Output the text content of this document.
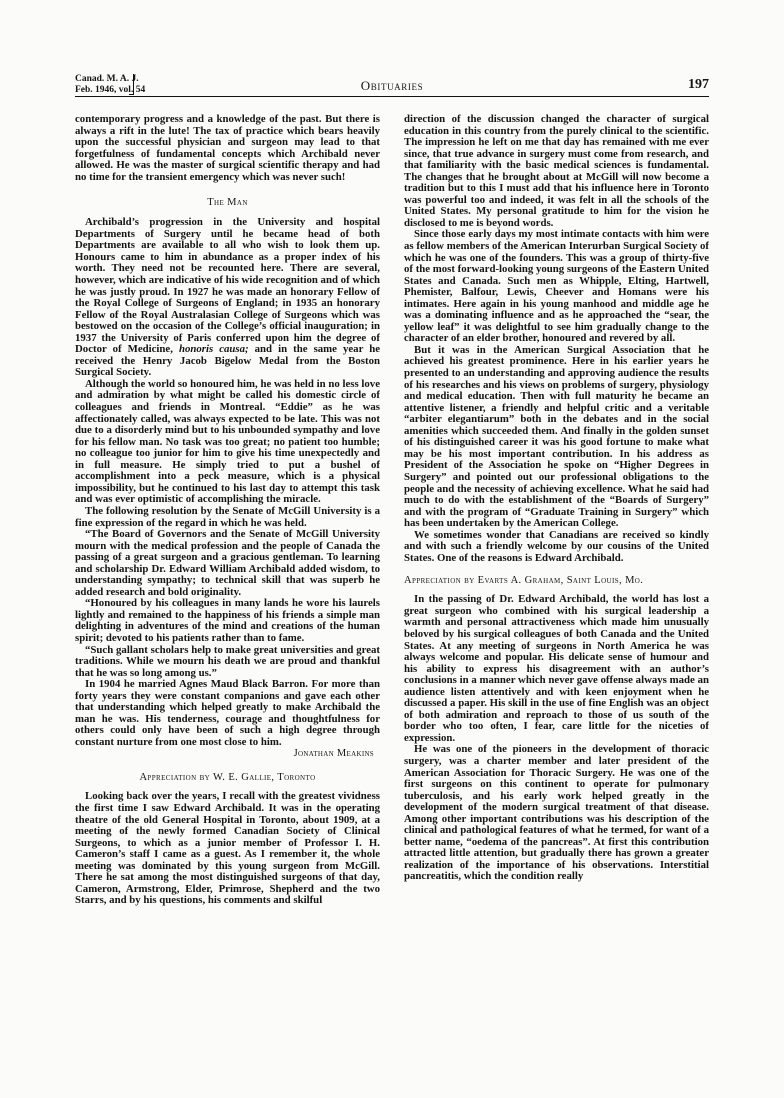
Canad. M. A. J.
Feb. 1946, vol. 54	Obituaries	197

contemporary progress and a knowledge of the past. But there is always a rift in the lute! The tax of practice which bears heavily upon the successful physician and surgeon may lead to that forgetfulness of fundamental concepts which Archibald never allowed. He was the master of surgical scientific therapy and had no time for the transient emergency which was never such!

The Man

Archibald’s progression in the University and hospital Departments of Surgery until he became head of both Departments are available to all who wish to look them up. Honours came to him in abundance as a proper index of his worth. They need not be recounted here. There are several, however, which are indicative of his wide recognition and of which he was justly proud. In 1927 he was made an honorary Fellow of the Royal College of Surgeons of England; in 1935 an honorary Fellow of the Royal Australasian College of Surgeons which was bestowed on the occasion of the College’s official inauguration; in 1937 the University of Paris conferred upon him the degree of Doctor of Medicine, honoris causa; and in the same year he received the Henry Jacob Bigelow Medal from the Boston Surgical Society.

Although the world so honoured him, he was held in no less love and admiration by what might be called his domestic circle of colleagues and friends in Montreal. “Eddie” as he was affectionately called, was always expected to be late. This was not due to a disorderly mind but to his unbounded sympathy and love for his fellow man. No task was too great; no patient too humble; no colleague too junior for him to give his time unexpectedly and in full measure. He simply tried to put a bushel of accomplishment into a peck measure, which is a physical impossibility, but he continued to his last day to attempt this task and was ever optimistic of accomplishing the miracle.

The following resolution by the Senate of McGill University is a fine expression of the regard in which he was held.

“The Board of Governors and the Senate of McGill University mourn with the medical profession and the people of Canada the passing of a great surgeon and a gracious gentleman. To learning and scholarship Dr. Edward William Archibald added wisdom, to understanding sympathy; to technical skill that was superb he added research and bold originality.

“Honoured by his colleagues in many lands he wore his laurels lightly and remained to the happiness of his friends a simple man delighting in adventures of the mind and creations of the human spirit; devoted to his patients rather than to fame.

“Such gallant scholars help to make great universities and great traditions. While we mourn his death we are proud and thankful that he was so long among us.”

In 1904 he married Agnes Maud Black Barron. For more than forty years they were constant companions and gave each other that understanding which helped greatly to make Archibald the man he was. His tenderness, courage and thoughtfulness for others could only have been of such a high degree through constant nurture from one most close to him.

Jonathan Meakins
Appreciation by W. E. Gallie, Toronto

Looking back over the years, I recall with the greatest vividness the first time I saw Edward Archibald. It was in the operating theatre of the old General Hospital in Toronto, about 1909, at a meeting of the newly formed Canadian Society of Clinical Surgeons, to which as a junior member of Professor I. H. Cameron’s staff I came as a guest. As I remember it, the whole meeting was dominated by this young surgeon from McGill. There he sat among the most distinguished surgeons of that day, Cameron, Armstrong, Elder, Primrose, Shepherd and the two Starrs, and by his questions, his comments and skilful

direction of the discussion changed the character of surgical education in this country from the purely clinical to the scientific. The impression he left on me that day has remained with me ever since, that true advance in surgery must come from research, and that familiarity with the basic medical sciences is fundamental. The changes that he brought about at McGill will now become a tradition but to this I must add that his influence here in Toronto was powerful too and indeed, it was felt in all the schools of the United States. My personal gratitude to him for the vision he disclosed to me is beyond words.

Since those early days my most intimate contacts with him were as fellow members of the American Interurban Surgical Society of which he was one of the founders. This was a group of thirty-five of the most forward-looking young surgeons of the Eastern United States and Canada. Such men as Whipple, Elting, Hartwell, Phemister, Balfour, Lewis, Cheever and Homans were his intimates. Here again in his young manhood and middle age he was a dominating influence and as he approached the “sear, the yellow leaf” it was delightful to see him gradually change to the character of an elder brother, honoured and revered by all.

But it was in the American Surgical Association that he achieved his greatest prominence. Here in his earlier years he presented to an understanding and approving audience the results of his researches and his views on problems of surgery, physiology and medical education. Then with full maturity he became an attentive listener, a friendly and helpful critic and a veritable “arbiter elegantiarum” both in the debates and in the social amenities which succeeded them. And finally in the golden sunset of his distinguished career it was his good fortune to make what may be his most important contribution. In his address as President of the Association he spoke on “Higher Degrees in Surgery” and pointed out our professional obligations to the people and the necessity of achieving excellence. What he said had much to do with the establishment of the “Boards of Surgery” and with the program of “Graduate Training in Surgery” which has been undertaken by the American College.

We sometimes wonder that Canadians are received so kindly and with such a friendly welcome by our cousins of the United States. One of the reasons is Edward Archibald.

Appreciation by Evarts A. Graham, Saint Louis, Mo.

In the passing of Dr. Edward Archibald, the world has lost a great surgeon who combined with his surgical leadership a warmth and personal attractiveness which made him unusually beloved by his surgical colleagues of both Canada and the United States. At any meeting of surgeons in North America he was always welcome and popular. His delicate sense of humour and his ability to express his disagreement with an author’s conclusions in a manner which never gave offense always made an audience listen attentively and with keen enjoyment when he discussed a paper. His skill in the use of fine English was an object of both admiration and reproach to those of us south of the border who too often, I fear, care little for the niceties of expression.

He was one of the pioneers in the development of thoracic surgery, was a charter member and later president of the American Association for Thoracic Surgery. He was one of the first surgeons on this continent to operate for pulmonary tuberculosis, and his early work helped greatly in the development of the modern surgical treatment of that disease. Among other important contributions was his description of the clinical and pathological features of what he termed, for want of a better name, “oedema of the pancreas”. At first this contribution attracted little attention, but gradually there has grown a greater realization of the importance of his observations. Interstitial pancreatitis, which the condition really
